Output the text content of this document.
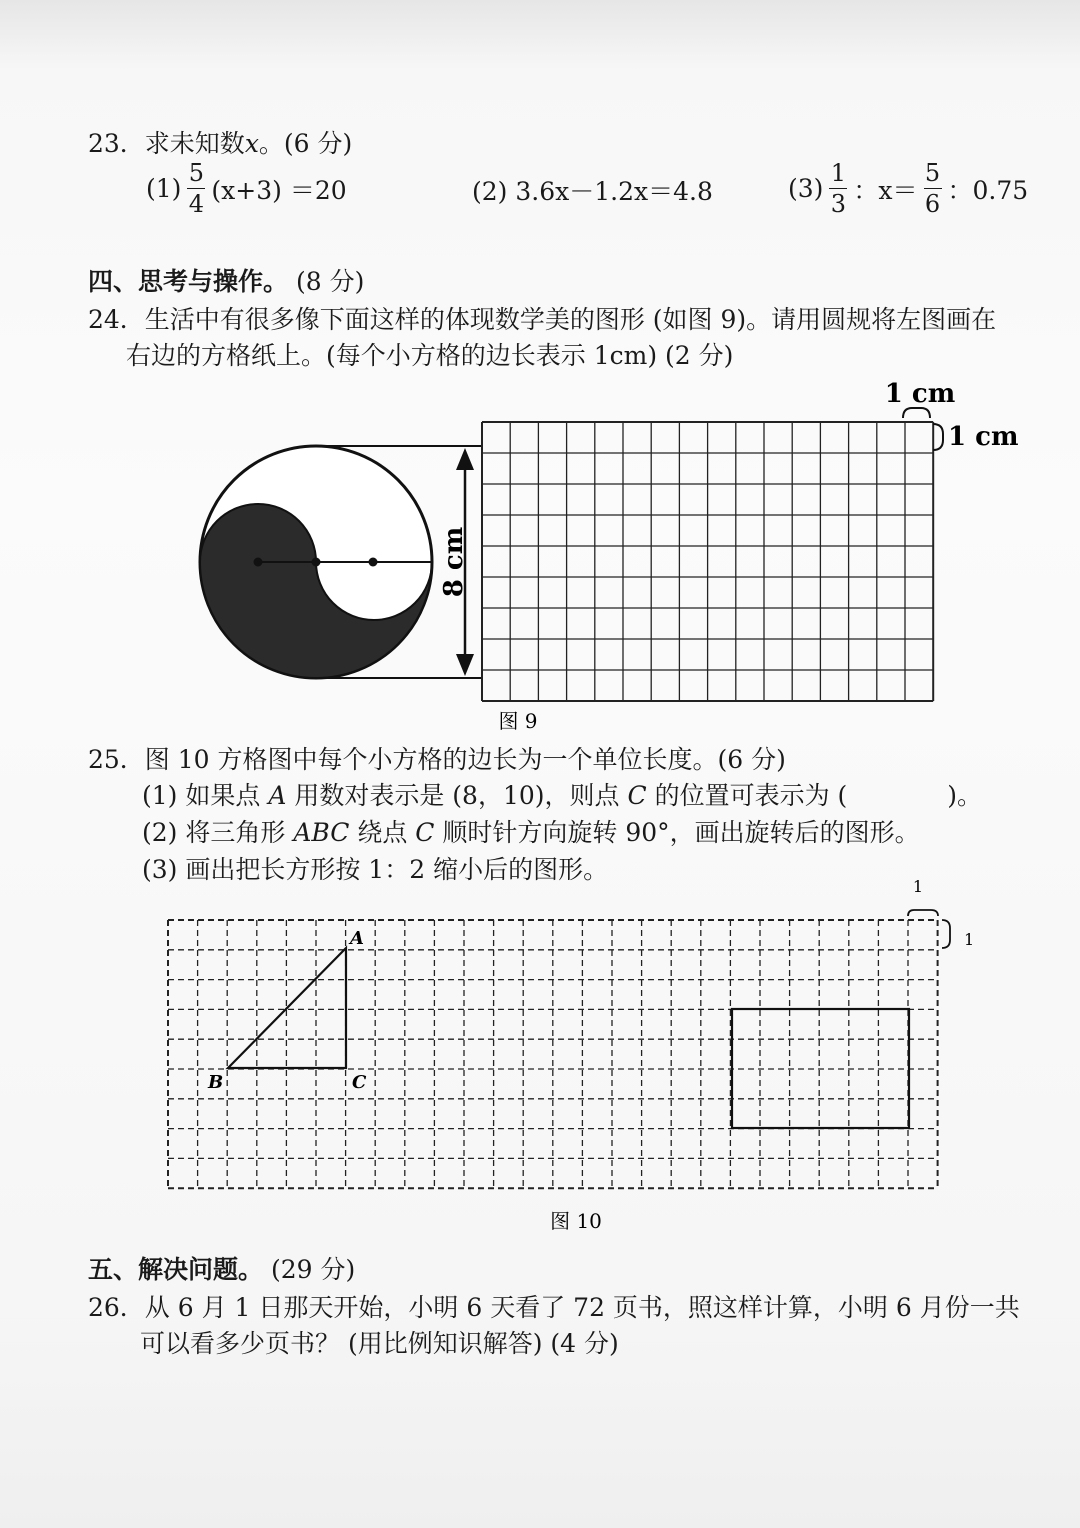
23．求未知数x。(6 分)
$(1) \frac{5}{4} (x+3) =20$	(2) 3.6x－1.2x＝4.8	$(3) \frac{1}{3}$ ：$x= \frac{5}{6}$ ：0.75
四、思考与操作。 (8 分)
24．生活中有很多像下面这样的体现数学美的图形 (如图 9)。请用圆规将左图画在
右边的方格纸上。(每个小方格的边长表示 1cm) (2 分)
8 cm
1 cm
1 cm
图 9
A
B	C
1
1
图 10
25．图 10 方格图中每个小方格的边长为一个单位长度。(6 分)
(1) 如果点 A 用数对表示是 (8，10)，则点 C 的位置可表示为 (　　　　)。
(2) 将三角形 ABC 绕点 C 顺时针方向旋转 90°，画出旋转后的图形。
(3) 画出把长方形按 1：2 缩小后的图形。
五、解决问题。 (29 分)
26．从 6 月 1 日那天开始，小明 6 天看了 72 页书，照这样计算，小明 6 月份一共
可以看多少页书？ (用比例知识解答) (4 分)
